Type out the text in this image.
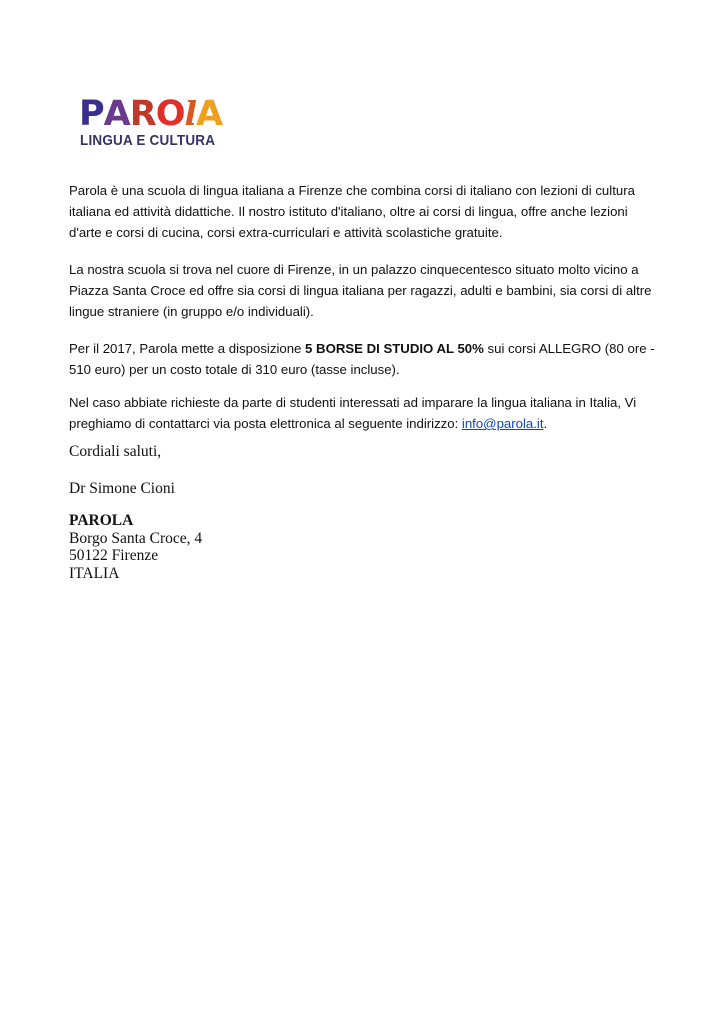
PAROlA
LINGUA E CULTURA

Parola è una scuola di lingua italiana a Firenze che combina corsi di italiano con lezioni di cultura italiana ed attività didattiche. Il nostro istituto d'italiano, oltre ai corsi di lingua, offre anche lezioni d'arte e corsi di cucina, corsi extra-curriculari e attività scolastiche gratuite.

La nostra scuola si trova nel cuore di Firenze, in un palazzo cinquecentesco situato molto vicino a Piazza Santa Croce ed offre sia corsi di lingua italiana per ragazzi, adulti e bambini, sia corsi di altre lingue straniere (in gruppo e/o individuali).

Per il 2017, Parola mette a disposizione 5 BORSE DI STUDIO AL 50% sui corsi ALLEGRO (80 ore - 510 euro) per un costo totale di 310 euro (tasse incluse).

Nel caso abbiate richieste da parte di studenti interessati ad imparare la lingua italiana in Italia, Vi preghiamo di contattarci via posta elettronica al seguente indirizzo: info@parola.it.

Cordiali saluti,
Dr Simone Cioni
PAROLA
Borgo Santa Croce, 4
50122 Firenze
ITALIA
